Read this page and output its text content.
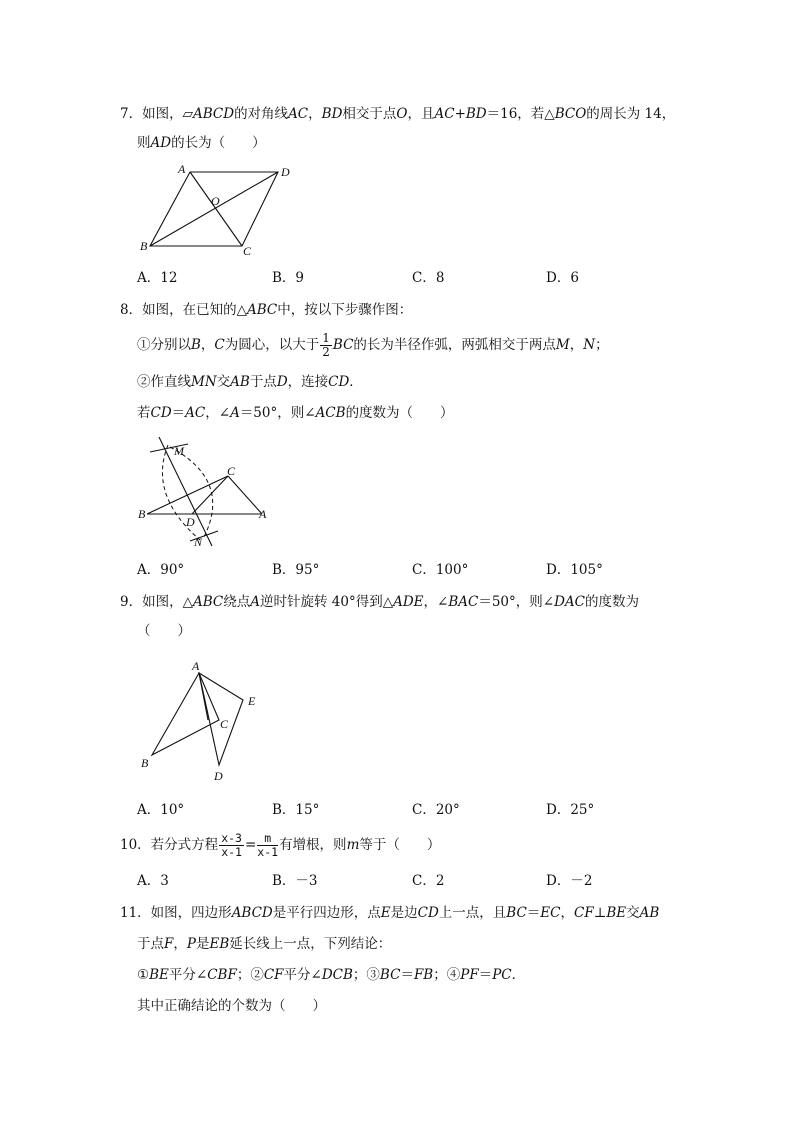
7．如图，▱ABCD的对角线AC，BD相交于点O，且AC+BD＝16，若△BCO的周长为 14，
则AD的长为（　　）
A	D
O
B	C
A．12	B．9	C．8	D．6
8．如图，在已知的△ABC中，按以下步骤作图：
①分别以B，C为圆心，以大于 $\frac{1}{2}$ BC的长为半径作弧，两弧相交于两点M，N；
②作直线MN交AB于点D，连接CD．
若CD＝AC，∠A＝50°，则∠ACB的度数为（　　）
M
C
B
D
A
N
A．90°	B．95°	C．100°	D．105°
9．如图，△ABC绕点A逆时针旋转 40°得到△ADE，∠BAC＝50°，则∠DAC的度数为
（　　）
A
E
C
B
D
A．10°	B．15°	C．20°	D．25°
10．若分式方程 $\frac{x-3}{x-1} = \frac{m}{x-1}$ 有增根，则m等于（　　）
A．3	B．－3	C．2	D．－2
11．如图，四边形ABCD是平行四边形，点E是边CD上一点，且BC＝EC，CF⊥BE交AB
于点F，P是EB延长线上一点，下列结论：
①BE平分∠CBF；②CF平分∠DCB；③BC＝FB；④PF＝PC．
其中正确结论的个数为（　　）
